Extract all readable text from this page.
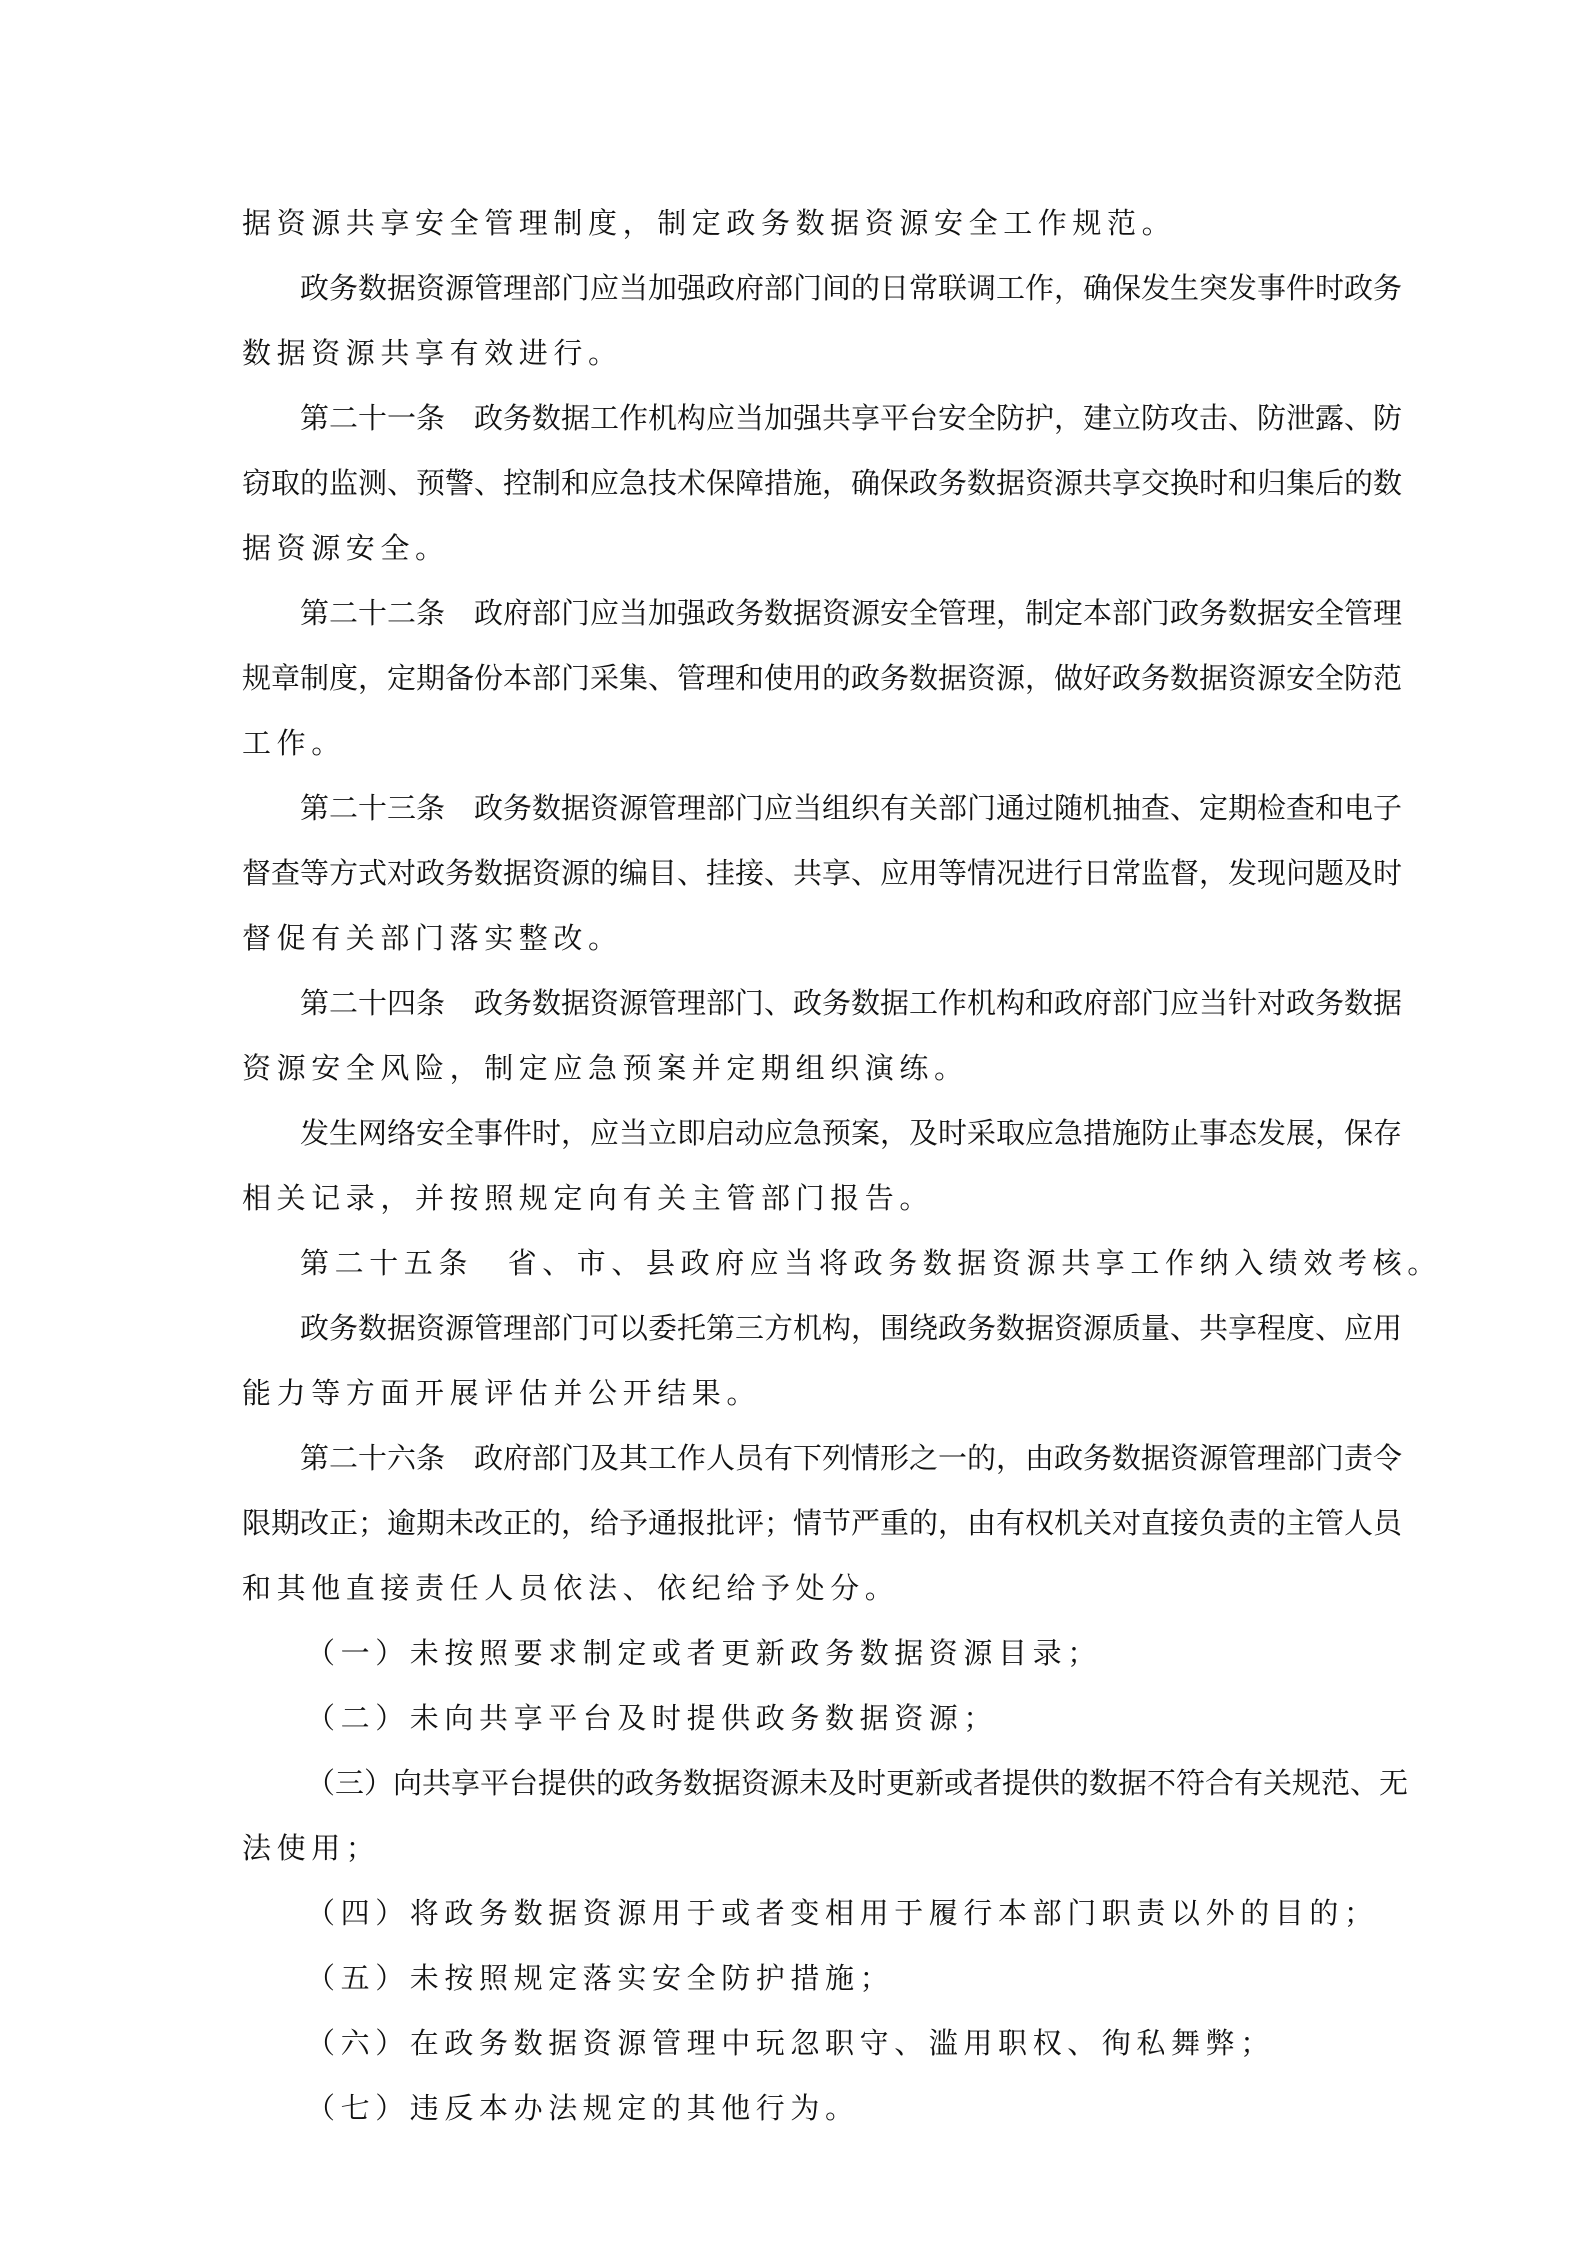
据资源共享安全管理制度，制定政务数据资源安全工作规范。
政务数据资源管理部门应当加强政府部门间的日常联调工作，确保发生突发事件时政务
数据资源共享有效进行。
第二十一条　政务数据工作机构应当加强共享平台安全防护，建立防攻击、防泄露、防
窃取的监测、预警、控制和应急技术保障措施，确保政务数据资源共享交换时和归集后的数
据资源安全。
第二十二条　政府部门应当加强政务数据资源安全管理，制定本部门政务数据安全管理
规章制度，定期备份本部门采集、管理和使用的政务数据资源，做好政务数据资源安全防范
工作。
第二十三条　政务数据资源管理部门应当组织有关部门通过随机抽查、定期检查和电子
督查等方式对政务数据资源的编目、挂接、共享、应用等情况进行日常监督，发现问题及时
督促有关部门落实整改。
第二十四条　政务数据资源管理部门、政务数据工作机构和政府部门应当针对政务数据
资源安全风险，制定应急预案并定期组织演练。
发生网络安全事件时，应当立即启动应急预案，及时采取应急措施防止事态发展，保存
相关记录，并按照规定向有关主管部门报告。
第二十五条　省、市、县政府应当将政务数据资源共享工作纳入绩效考核。
政务数据资源管理部门可以委托第三方机构，围绕政务数据资源质量、共享程度、应用
能力等方面开展评估并公开结果。
第二十六条　政府部门及其工作人员有下列情形之一的，由政务数据资源管理部门责令
限期改正；逾期未改正的，给予通报批评；情节严重的，由有权机关对直接负责的主管人员
和其他直接责任人员依法、依纪给予处分。
（一）未按照要求制定或者更新政务数据资源目录；
（二）未向共享平台及时提供政务数据资源；
（三）向共享平台提供的政务数据资源未及时更新或者提供的数据不符合有关规范、无
法使用；
（四）将政务数据资源用于或者变相用于履行本部门职责以外的目的；
（五）未按照规定落实安全防护措施；
（六）在政务数据资源管理中玩忽职守、滥用职权、徇私舞弊；
（七）违反本办法规定的其他行为。
